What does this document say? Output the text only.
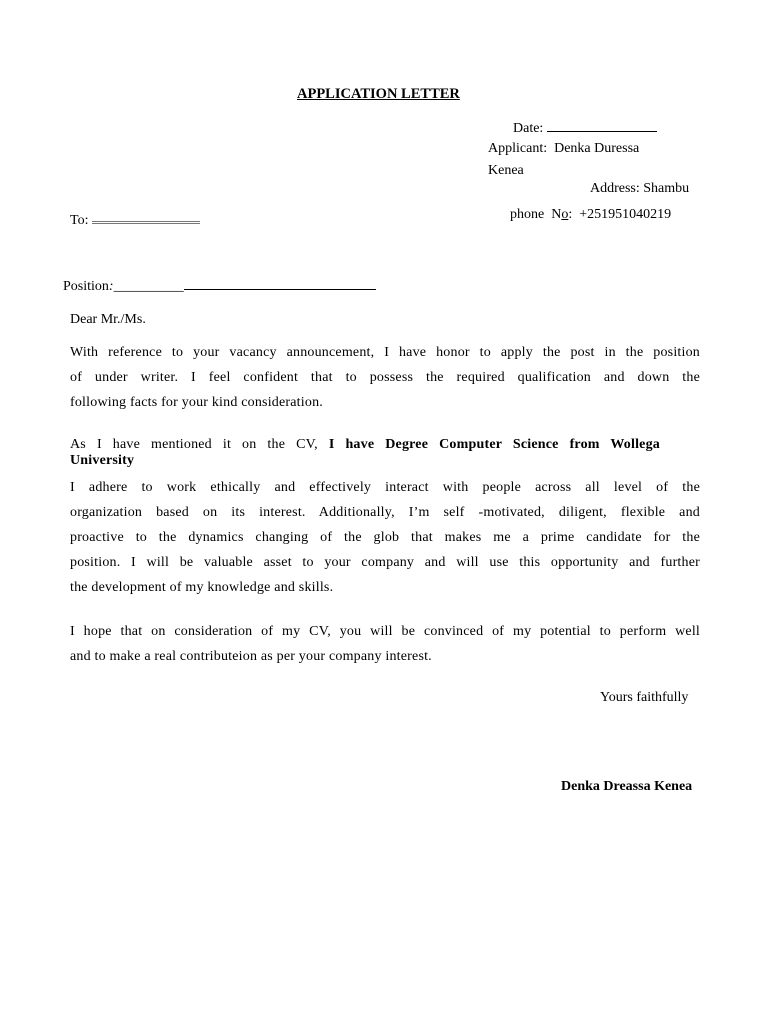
APPLICATION LETTER
Date:
Applicant: Denka Duressa
Kenea
Address: Shambu
phone No: +251951040219
To:
Position:__________
Dear Mr./Ms.
With reference to your vacancy announcement, I have honor to apply the post in the position
of under writer. I feel confident that to possess the required qualification and down the
following facts for your kind consideration.
As I have mentioned it on the CV, I have Degree Computer Science from Wollega
University
I adhere to work ethically and effectively interact with people across all level of the
organization based on its interest. Additionally, I’m self -motivated, diligent, flexible and
proactive to the dynamics changing of the glob that makes me a prime candidate for the
position. I will be valuable asset to your company and will use this opportunity and further
the development of my knowledge and skills.
I hope that on consideration of my CV, you will be convinced of my potential to perform well
and to make a real contributeion as per your company interest.
Yours faithfully
Denka Dreassa Kenea
